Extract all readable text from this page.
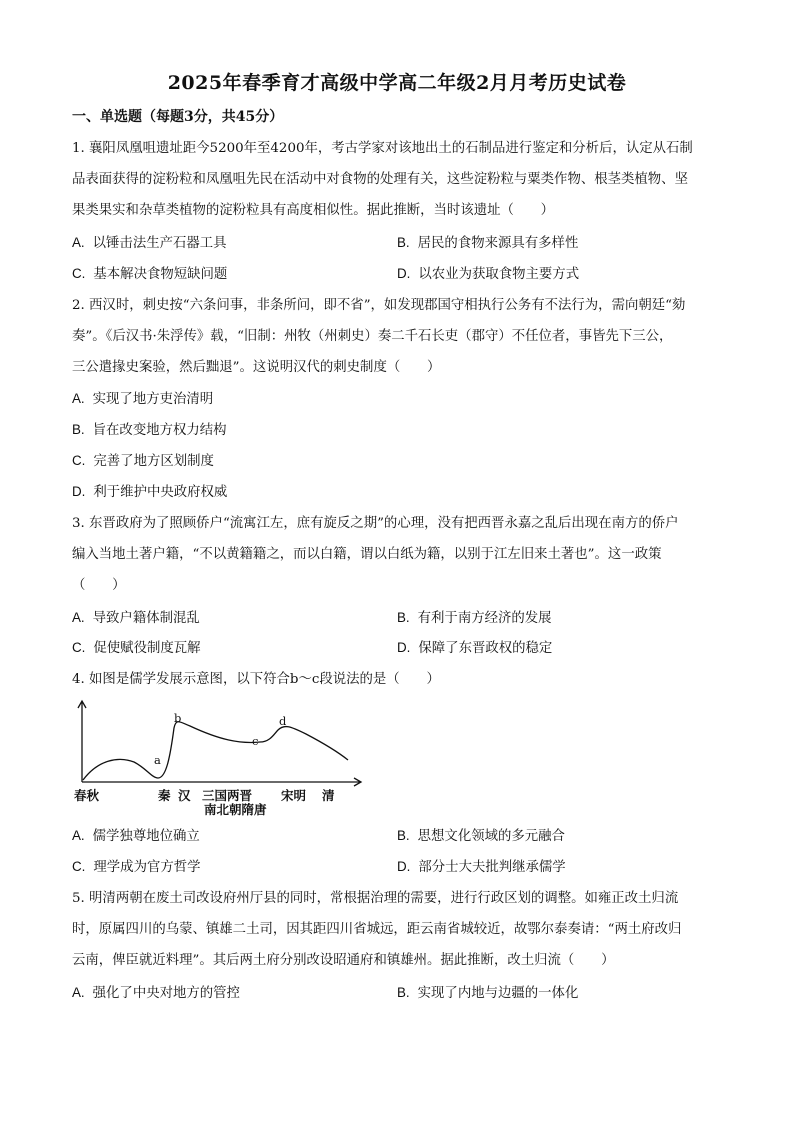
2025年春季育才高级中学高二年级2月月考历史试卷
一、单选题（每题3分，共45分）
1. 襄阳凤凰咀遗址距今5200年至4200年，考古学家对该地出土的石制品进行鉴定和分析后，认定从石制
品表面获得的淀粉粒和凤凰咀先民在活动中对食物的处理有关，这些淀粉粒与粟类作物、根茎类植物、坚
果类果实和杂草类植物的淀粉粒具有高度相似性。据此推断，当时该遗址（　　）
A. 以锤击法生产石器工具	B. 居民的食物来源具有多样性
C. 基本解决食物短缺问题	D. 以农业为获取食物主要方式
2. 西汉时，刺史按“六条问事，非条所问，即不省”，如发现郡国守相执行公务有不法行为，需向朝廷“劾
奏”。《后汉书·朱浮传》载，“旧制：州牧（州刺史）奏二千石长吏（郡守）不任位者，事皆先下三公，
三公遣掾史案验，然后黜退”。这说明汉代的刺史制度（　　）
A. 实现了地方吏治清明
B. 旨在改变地方权力结构
C. 完善了地方区划制度
D. 利于维护中央政府权威
3. 东晋政府为了照顾侨户“流寓江左，庶有旋反之期”的心理，没有把西晋永嘉之乱后出现在南方的侨户
编入当地土著户籍，“不以黄籍籍之，而以白籍，谓以白纸为籍，以别于江左旧来土著也”。这一政策
（　　）
A. 导致户籍体制混乱	B. 有利于南方经济的发展
C. 促使赋役制度瓦解	D. 保障了东晋政权的稳定
4. 如图是儒学发展示意图，以下符合b～c段说法的是（　　）
a
b
c
d
春秋	秦 汉 三国两晋 宋明 清
南北朝隋唐
A. 儒学独尊地位确立	B. 思想文化领域的多元融合
C. 理学成为官方哲学	D. 部分士大夫批判继承儒学
5. 明清两朝在废土司改设府州厅县的同时，常根据治理的需要，进行行政区划的调整。如雍正改土归流
时，原属四川的乌蒙、镇雄二土司，因其距四川省城远，距云南省城较近，故鄂尔泰奏请：“两土府改归
云南，俾臣就近料理”。其后两土府分别改设昭通府和镇雄州。据此推断，改土归流（　　）
A. 强化了中央对地方的管控	B. 实现了内地与边疆的一体化
